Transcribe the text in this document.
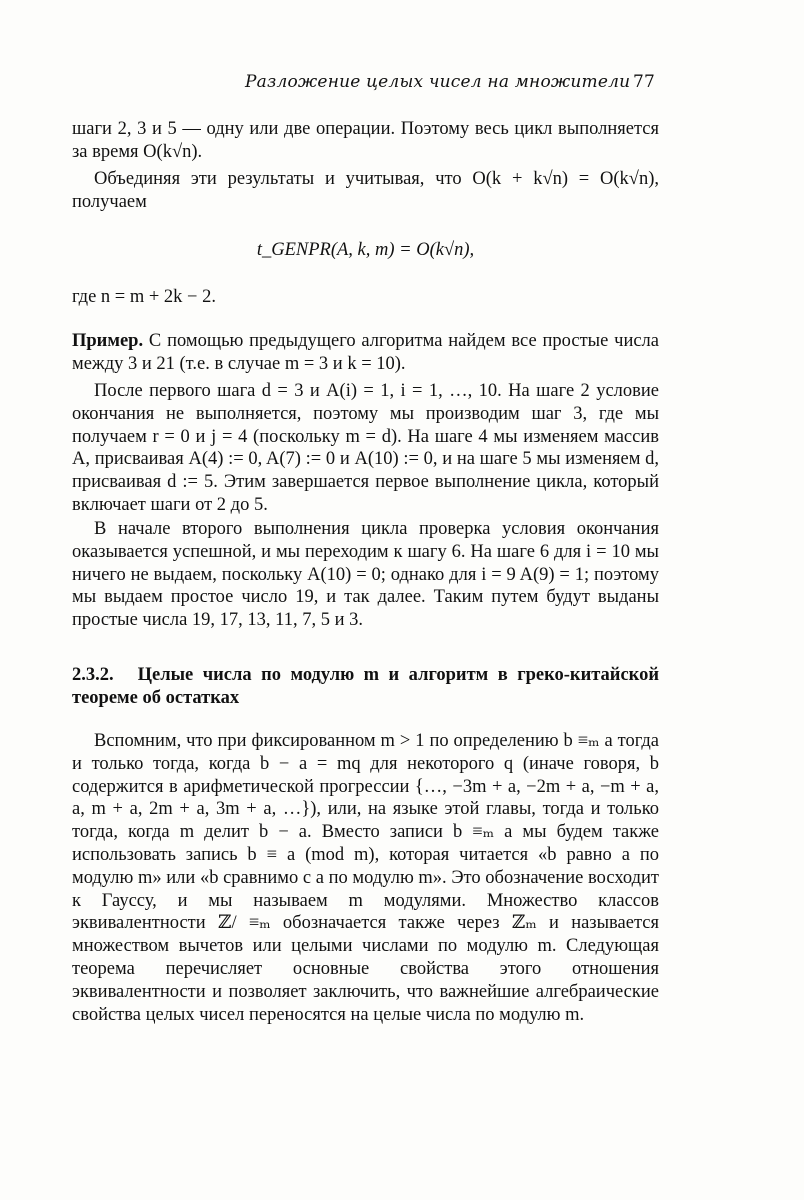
Разложение целых чисел на множители 77

шаги 2, 3 и 5 — одну или две операции. Поэтому весь цикл выполняется за время O(k√n).

Объединяя эти результаты и учитывая, что O(k + k√n) = O(k√n), получаем

t_GENPR(A, k, m) = O(k√n),

где n = m + 2k − 2.

Пример. С помощью предыдущего алгоритма найдем все простые числа между 3 и 21 (т.е. в случае m = 3 и k = 10).

После первого шага d = 3 и A(i) = 1, i = 1, …, 10. На шаге 2 условие окончания не выполняется, поэтому мы производим шаг 3, где мы получаем r = 0 и j = 4 (поскольку m = d). На шаге 4 мы изменяем массив A, присваивая A(4) := 0, A(7) := 0 и A(10) := 0, и на шаге 5 мы изменяем d, присваивая d := 5. Этим завершается первое выполнение цикла, который включает шаги от 2 до 5.

В начале второго выполнения цикла проверка условия окончания оказывается успешной, и мы переходим к шагу 6. На шаге 6 для i = 10 мы ничего не выдаем, поскольку A(10) = 0; однако для i = 9 A(9) = 1; поэтому мы выдаем простое число 19, и так далее. Таким путем будут выданы простые числа 19, 17, 13, 11, 7, 5 и 3.

2.3.2. Целые числа по модулю m и алгоритм в греко-китайской теореме об остатках

Вспомним, что при фиксированном m > 1 по определению b ≡ₘ a тогда и только тогда, когда b − a = mq для некоторого q (иначе говоря, b содержится в арифметической прогрессии {…, −3m + a, −2m + a, −m + a, a, m + a, 2m + a, 3m + a, …}), или, на языке этой главы, тогда и только тогда, когда m делит b − a. Вместо записи b ≡ₘ a мы будем также использовать запись b ≡ a (mod m), которая читается «b равно a по модулю m» или «b сравнимо с a по модулю m». Это обозначение восходит к Гауссу, и мы называем m модулями. Множество классов эквивалентности ℤ/ ≡ₘ обозначается также через ℤₘ и называется множеством вычетов или целыми числами по модулю m. Следующая теорема перечисляет основные свойства этого отношения эквивалентности и позволяет заключить, что важнейшие алгебраические свойства целых чисел переносятся на целые числа по модулю m.
